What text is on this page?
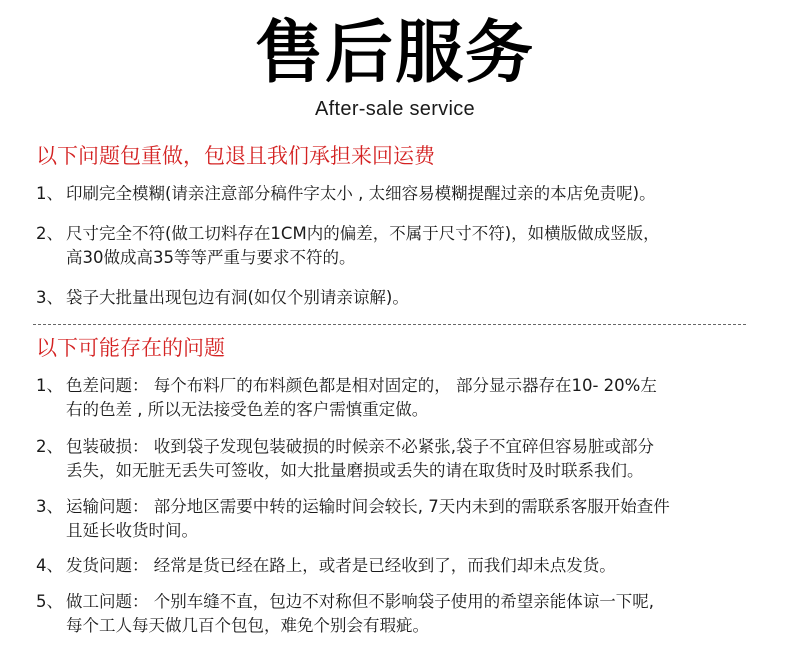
售后服务
After-sale service
以下问题包重做，包退且我们承担来回运费
1、 印刷完全模糊(请亲注意部分稿件字太小 , 太细容易模糊提醒过亲的本店免责呢)。
2、 尺寸完全不符(做工切料存在1CM内的偏差，不属于尺寸不符)，如横版做成竖版，
高30做成高35等等严重与要求不符的。
3、 袋子大批量出现包边有洞(如仅个别请亲谅解)。
以下可能存在的问题
1、 色差问题： 每个布料厂的布料颜色都是相对固定的， 部分显示器存在10- 20%左
右的色差 , 所以无法接受色差的客户需慎重定做。
2、 包装破损： 收到袋子发现包装破损的时候亲不必紧张,袋子不宜碎但容易脏或部分
丢失，如无脏无丢失可签收，如大批量磨损或丢失的请在取货时及时联系我们。
3、 运输问题： 部分地区需要中转的运输时间会较长, 7天内未到的需联系客服开始查件
且延长收货时间。
4、 发货问题： 经常是货已经在路上，或者是已经收到了，而我们却未点发货。
5、 做工问题： 个别车缝不直，包边不对称但不影响袋子使用的希望亲能体谅一下呢,
每个工人每天做几百个包包，难免个别会有瑕疵。
